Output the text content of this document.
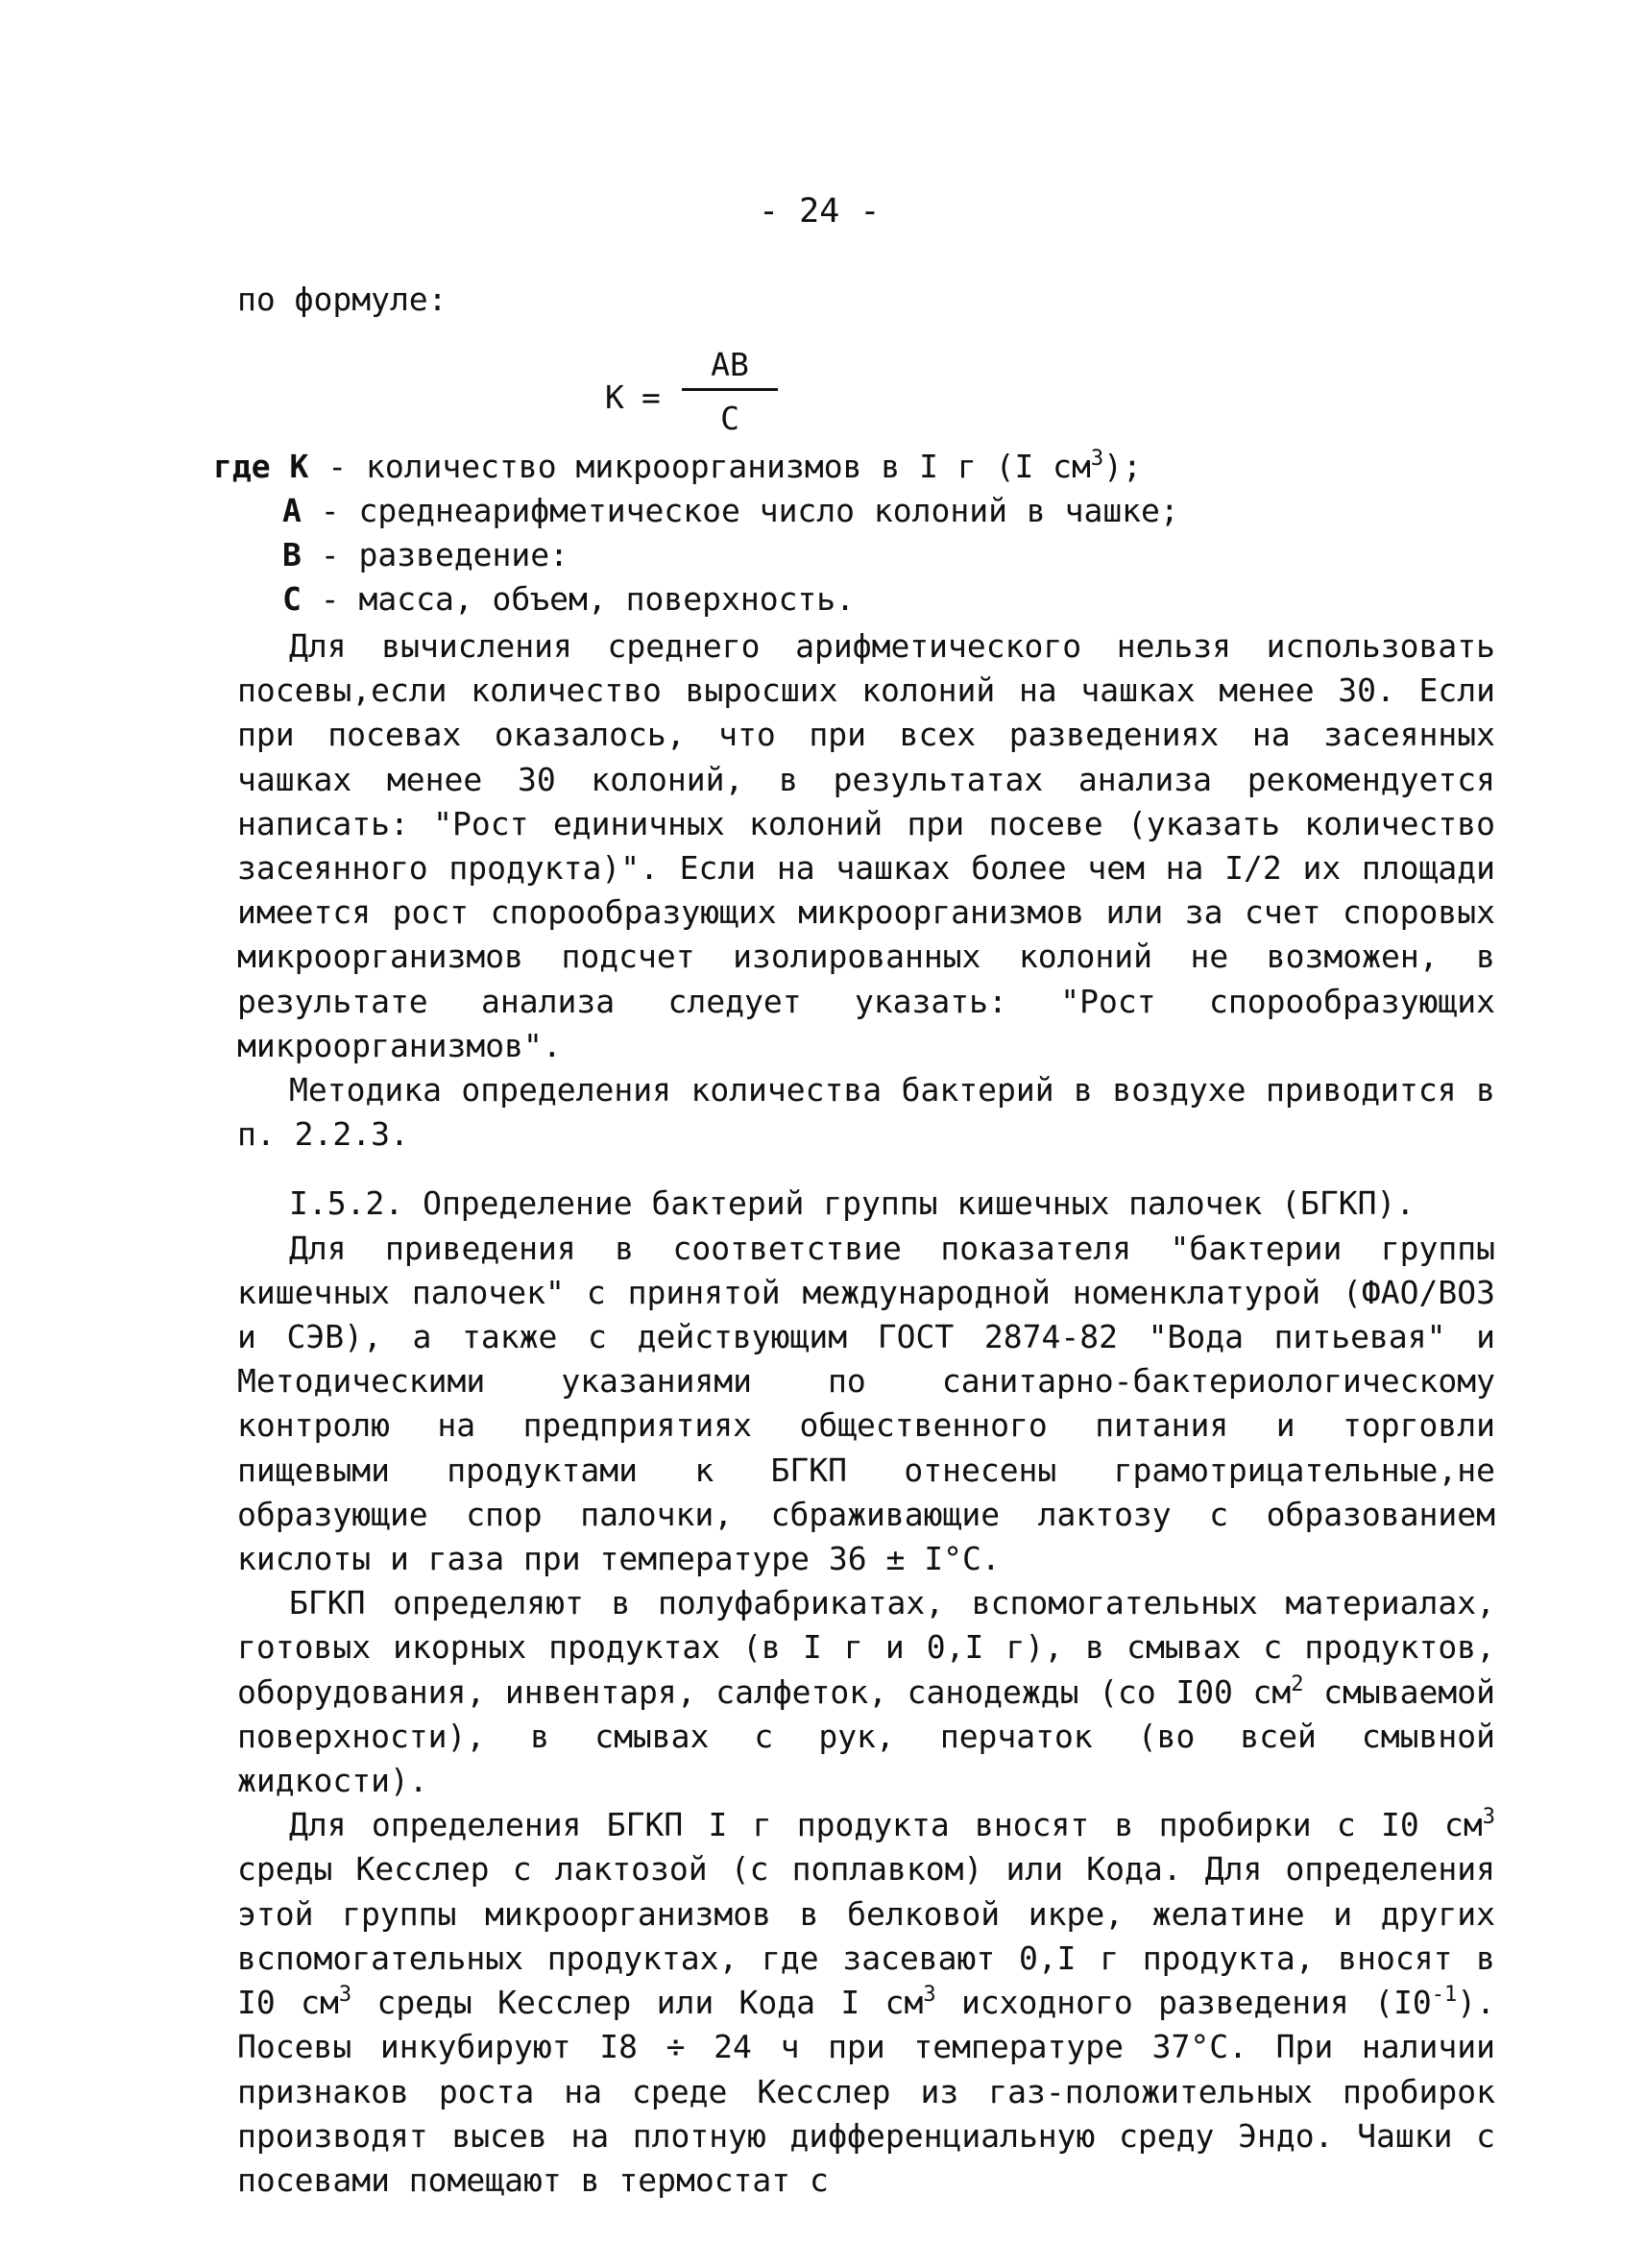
- 24 -
по формуле:
К =
АВ
С
где К - количество микроорганизмов в I г (I $см^3$);
А - среднеарифметическое число колоний в чашке;
В - разведение:
С - масса, объем, поверхность.

Для вычисления среднего арифметического нельзя использовать посевы,если количество выросших колоний на чашках менее 30. Если при посевах оказалось, что при всех разведениях на засеянных чашках менее 30 колоний, в результатах анализа рекомендуется написать: "Рост единичных колоний при посеве (указать количество засеянного продукта)". Если на чашках более чем на I/2 их площади имеется рост спорообразующих микроорганизмов или за счет споровых микроорганизмов подсчет изолированных колоний не возможен, в результате анализа следует указать: "Рост спорообразующих микроорганизмов".

Методика определения количества бактерий в воздухе приводится в п. 2.2.3.

I.5.2. Определение бактерий группы кишечных палочек (БГКП).

Для приведения в соответствие показателя "бактерии группы кишечных палочек" с принятой международной номенклатурой (ФАО/ВОЗ и СЭВ), а также с действующим ГОСТ 2874-82 "Вода питьевая" и Методическими указаниями по санитарно-бактериологическому контролю на предприятиях общественного питания и торговли пищевыми продуктами к БГКП отнесены грамотрицательные,не образующие спор палочки, сбраживающие лактозу с образованием кислоты и газа при температуре 36 ± I°С.

БГКП определяют в полуфабрикатах, вспомогательных материалах, готовых икорных продуктах (в I г и 0,I г), в смывах с продуктов, оборудования, инвентаря, салфеток, санодежды (со I00 $см^2$ смываемой поверхности), в смывах с рук, перчаток (во всей смывной жидкости).

Для определения БГКП I г продукта вносят в пробирки с I0 $см^3$ среды Кесслер с лактозой (с поплавком) или Кода. Для определения этой группы микроорганизмов в белковой икре, желатине и других вспомогательных продуктах, где засевают 0,I г продукта, вносят в I0 $см^3$ среды Кесслер или Кода I $см^3$ исходного разведения $(I0^{-1})$. Посевы инкубируют I8 ÷ 24 ч при температуре 37°С. При наличии признаков роста на среде Кесслер из газ-положительных пробирок производят высев на плотную дифференциальную среду Эндо. Чашки с посевами помещают в термостат с
